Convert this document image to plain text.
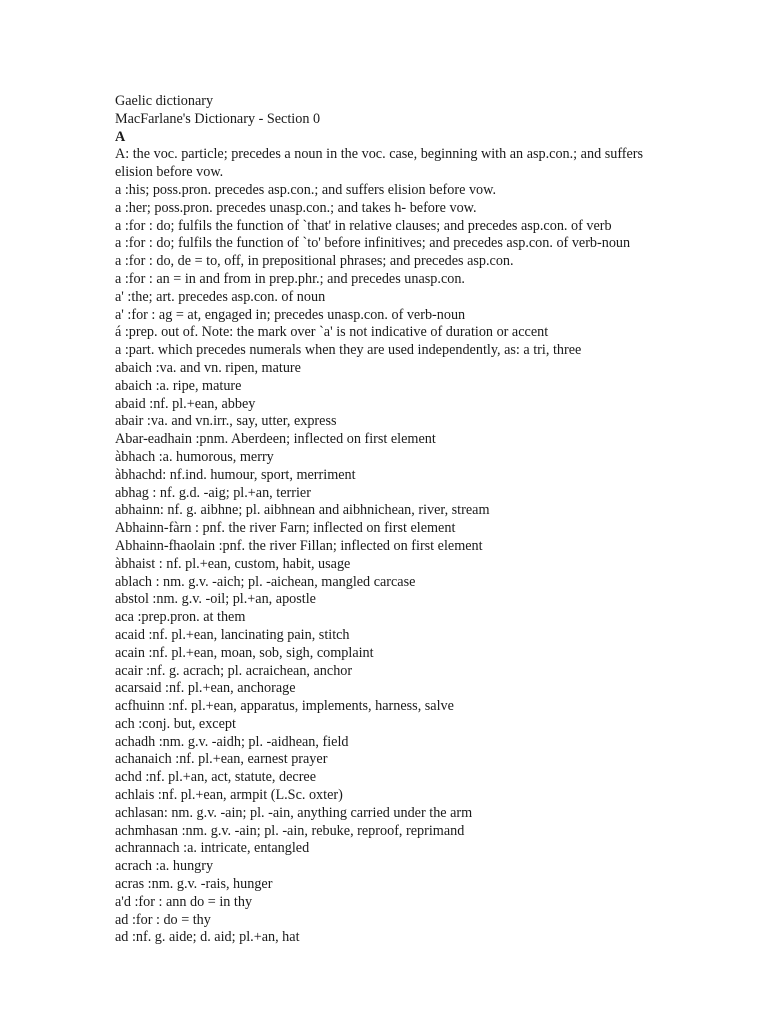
Gaelic dictionary
MacFarlane's Dictionary - Section 0
A
A: the voc. particle; precedes a noun in the voc. case, beginning with an asp.con.; and suffers elision before vow.
a :his; poss.pron. precedes asp.con.; and suffers elision before vow.
a :her; poss.pron. precedes unasp.con.; and takes h- before vow.
a :for : do; fulfils the function of `that' in relative clauses; and precedes asp.con. of verb
a :for : do; fulfils the function of `to' before infinitives; and precedes asp.con. of verb-noun
a :for : do, de = to, off, in prepositional phrases; and precedes asp.con.
a :for : an = in and from in prep.phr.; and precedes unasp.con.
a' :the; art. precedes asp.con. of noun
a' :for : ag = at, engaged in; precedes unasp.con. of verb-noun
á :prep. out of. Note: the mark over `a' is not indicative of duration or accent
a :part. which precedes numerals when they are used independently, as: a tri, three
abaich :va. and vn. ripen, mature
abaich :a. ripe, mature
abaid :nf. pl.+ean, abbey
abair :va. and vn.irr., say, utter, express
Abar-eadhain :pnm. Aberdeen; inflected on first element
àbhach :a. humorous, merry
àbhachd: nf.ind. humour, sport, merriment
abhag : nf. g.d. -aig; pl.+an, terrier
abhainn: nf. g. aibhne; pl. aibhnean and aibhnichean, river, stream
Abhainn-fàrn : pnf. the river Farn; inflected on first element
Abhainn-fhaolain :pnf. the river Fillan; inflected on first element
àbhaist : nf. pl.+ean, custom, habit, usage
ablach : nm. g.v. -aich; pl. -aichean, mangled carcase
abstol :nm. g.v. -oil; pl.+an, apostle
aca :prep.pron. at them
acaid :nf. pl.+ean, lancinating pain, stitch
acain :nf. pl.+ean, moan, sob, sigh, complaint
acair :nf. g. acrach; pl. acraichean, anchor
acarsaid :nf. pl.+ean, anchorage
acfhuinn :nf. pl.+ean, apparatus, implements, harness, salve
ach :conj. but, except
achadh :nm. g.v. -aidh; pl. -aidhean, field
achanaich :nf. pl.+ean, earnest prayer
achd :nf. pl.+an, act, statute, decree
achlais :nf. pl.+ean, armpit (L.Sc. oxter)
achlasan: nm. g.v. -ain; pl. -ain, anything carried under the arm
achmhasan :nm. g.v. -ain; pl. -ain, rebuke, reproof, reprimand
achrannach :a. intricate, entangled
acrach :a. hungry
acras :nm. g.v. -rais, hunger
a'd :for : ann do = in thy
ad :for : do = thy
ad :nf. g. aide; d. aid; pl.+an, hat
